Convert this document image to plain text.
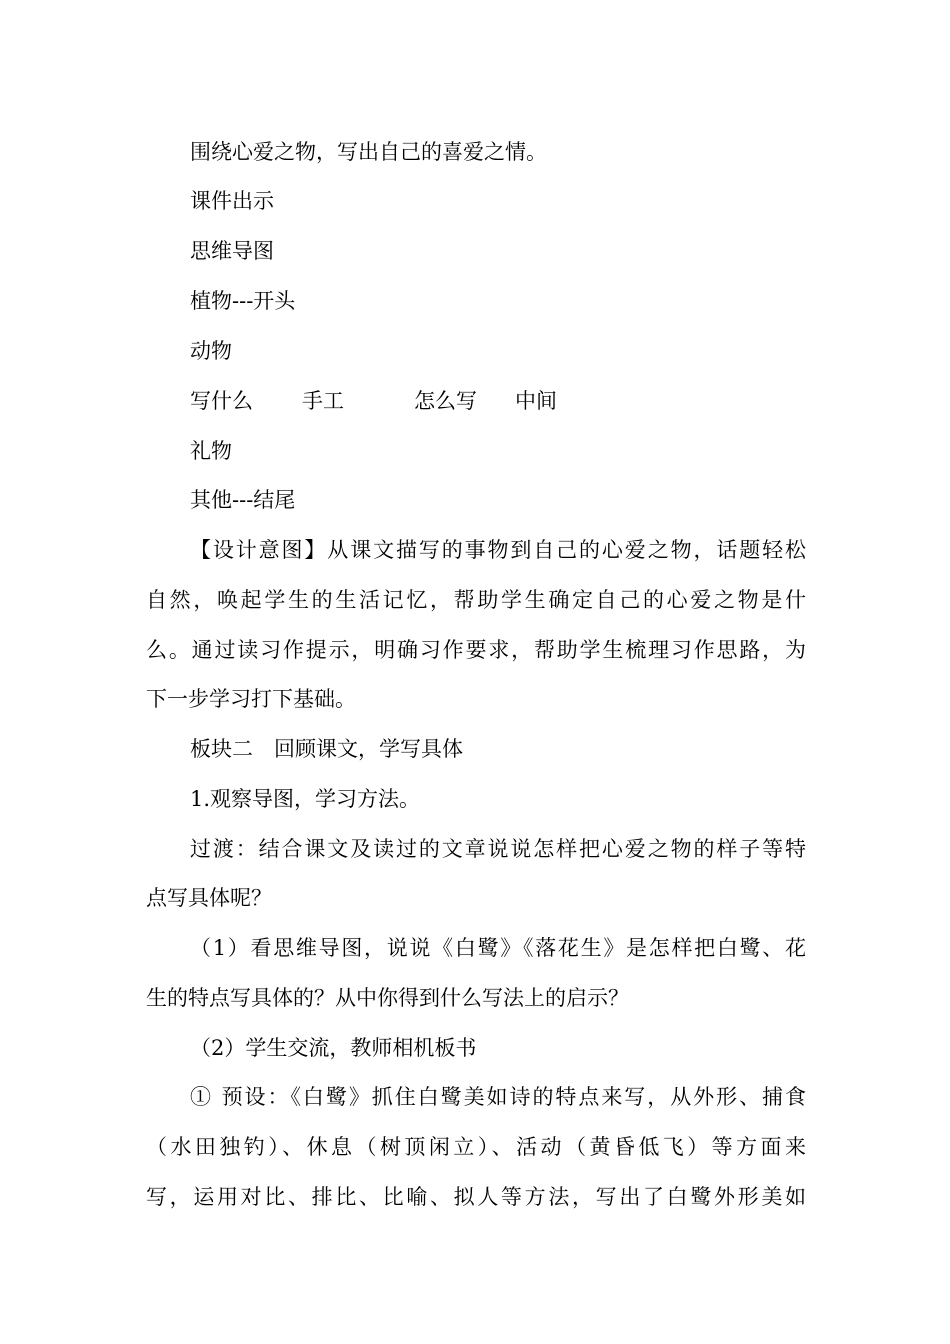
围绕心爱之物，写出自己的喜爱之情。
课件出示
思维导图
植物---开头
动物
写什么 手工	怎么写 中间
礼物
其他---结尾
【设计意图】从课文描写的事物到自己的心爱之物，话题轻松
自然，唤起学生的生活记忆，帮助学生确定自己的心爱之物是什
么。通过读习作提示，明确习作要求，帮助学生梳理习作思路，为
下一步学习打下基础。
板块二　回顾课文，学写具体
1.观察导图，学习方法。
过渡：结合课文及读过的文章说说怎样把心爱之物的样子等特
点写具体呢？
（1）看思维导图，说说《白鹭》《落花生》是怎样把白鹭、花
生的特点写具体的？从中你得到什么写法上的启示？
（2）学生交流，教师相机板书
① 预设：《白鹭》抓住白鹭美如诗的特点来写，从外形、捕食
（水田独钓）、休息（树顶闲立）、活动（黄昏低飞）等方面来
写，运用对比、排比、比喻、拟人等方法，写出了白鹭外形美如
